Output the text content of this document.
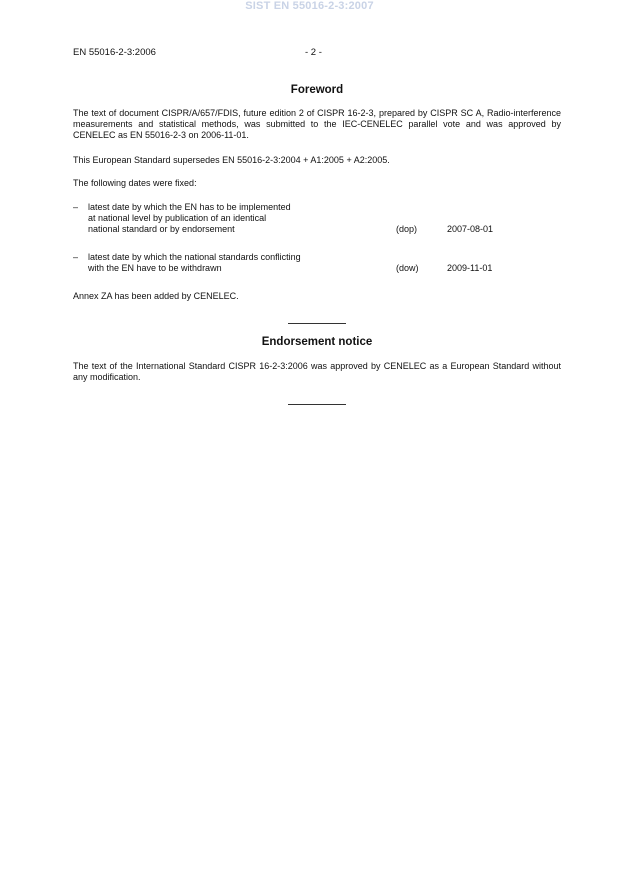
SIST EN 55016-2-3:2007
EN 55016-2-3:2006	- 2 -
Foreword

The text of document CISPR/A/657/FDIS, future edition 2 of CISPR 16-2-3, prepared by CISPR SC A, Radio-interference measurements and statistical methods, was submitted to the IEC-CENELEC parallel vote and was approved by CENELEC as EN 55016-2-3 on 2006-11-01.

This European Standard supersedes EN 55016-2-3:2004 + A1:2005 + A2:2005.

The following dates were fixed:

– latest date by which the EN has to be implemented
at national level by publication of an identical
national standard or by endorsement	(dop)	2007-08-01
– latest date by which the national standards conflicting
with the EN have to be withdrawn	(dow)	2009-11-01

Annex ZA has been added by CENELEC.

Endorsement notice

The text of the International Standard CISPR 16-2-3:2006 was approved by CENELEC as a European Standard without any modification.
